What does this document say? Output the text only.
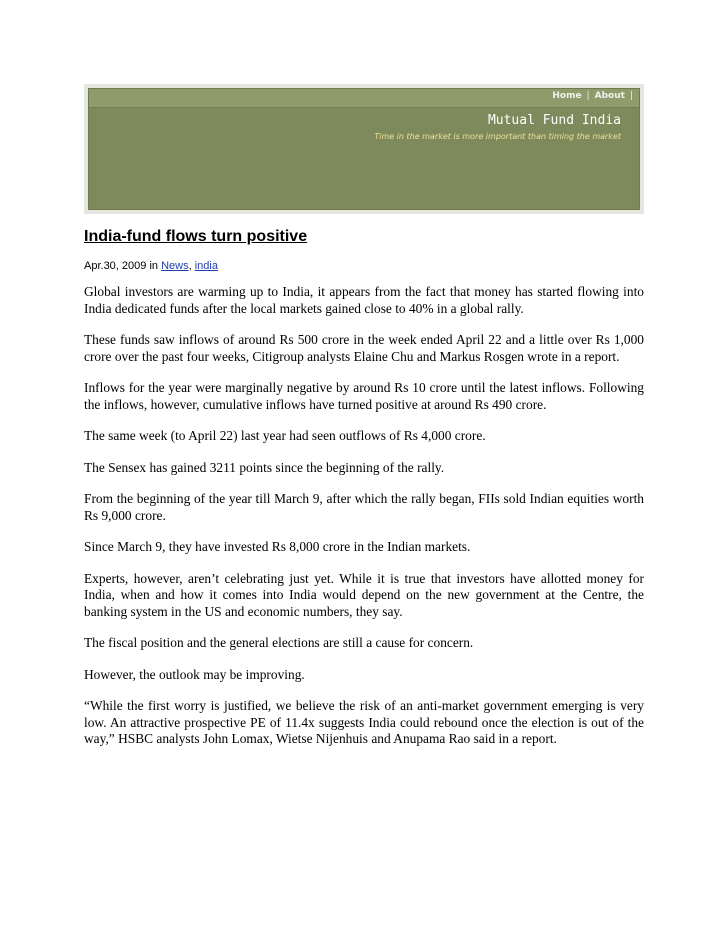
Home | About |
Mutual Fund India
Time in the market is more important than timing the market
India-fund flows turn positive
Apr.30, 2009 in News, india

Global investors are warming up to India, it appears from the fact that money has started flowing into India dedicated funds after the local markets gained close to 40% in a global rally.

These funds saw inflows of around Rs 500 crore in the week ended April 22 and a little over Rs 1,000 crore over the past four weeks, Citigroup analysts Elaine Chu and Markus Rosgen wrote in a report.

Inflows for the year were marginally negative by around Rs 10 crore until the latest inflows. Following the inflows, however, cumulative inflows have turned positive at around Rs 490 crore.

The same week (to April 22) last year had seen outflows of Rs 4,000 crore.

The Sensex has gained 3211 points since the beginning of the rally.

From the beginning of the year till March 9, after which the rally began, FIIs sold Indian equities worth Rs 9,000 crore.

Since March 9, they have invested Rs 8,000 crore in the Indian markets.

Experts, however, aren’t celebrating just yet. While it is true that investors have allotted money for India, when and how it comes into India would depend on the new government at the Centre, the banking system in the US and economic numbers, they say.

The fiscal position and the general elections are still a cause for concern.

However, the outlook may be improving.

“While the first worry is justified, we believe the risk of an anti-market government emerging is very low. An attractive prospective PE of 11.4x suggests India could rebound once the election is out of the way,” HSBC analysts John Lomax, Wietse Nijenhuis and Anupama Rao said in a report.
